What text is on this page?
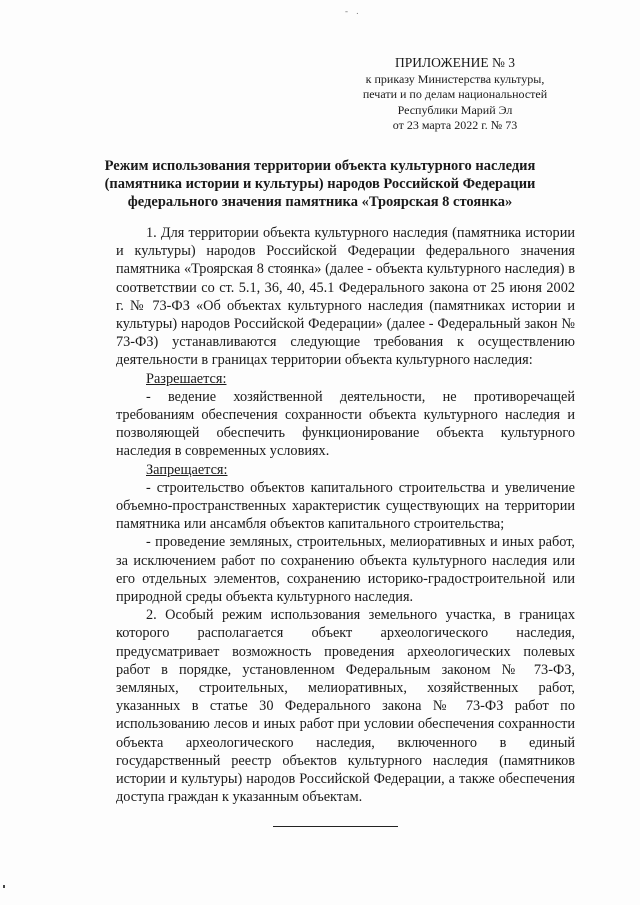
- .
ПРИЛОЖЕНИЕ № 3
к приказу Министерства культуры,
печати и по делам национальностей
Республики Марий Эл
от 23 марта 2022 г. № 73
Режим использования территории объекта культурного наследия (памятника истории и культуры) народов Российской Федерации федерального значения памятника «Троярская 8 стоянка»

1. Для территории объекта культурного наследия (памятника истории и культуры) народов Российской Федерации федерального значения памятника «Троярская 8 стоянка» (далее - объекта культурного наследия) в соответствии со ст. 5.1, 36, 40, 45.1 Федерального закона от 25 июня 2002 г. № 73-ФЗ «Об объектах культурного наследия (памятниках истории и культуры) народов Российской Федерации» (далее - Федеральный закон № 73-ФЗ) устанавливаются следующие требования к осуществлению деятельности в границах территории объекта культурного наследия:

Разрешается:

- ведение хозяйственной деятельности, не противоречащей требованиям обеспечения сохранности объекта культурного наследия и позволяющей обеспечить функционирование объекта культурного наследия в современных условиях.

Запрещается:

- строительство объектов капитального строительства и увеличение объемно-пространственных характеристик существующих на территории памятника или ансамбля объектов капитального строительства;

- проведение земляных, строительных, мелиоративных и иных работ, за исключением работ по сохранению объекта культурного наследия или его отдельных элементов, сохранению историко-градостроительной или природной среды объекта культурного наследия.

2. Особый режим использования земельного участка, в границах которого располагается объект археологического наследия, предусматривает возможность проведения археологических полевых работ в порядке, установленном Федеральным законом № 73-ФЗ, земляных, строительных, мелиоративных, хозяйственных работ, указанных в статье 30 Федерального закона № 73-ФЗ работ по использованию лесов и иных работ при условии обеспечения сохранности объекта археологического наследия, включенного в единый государственный реестр объектов культурного наследия (памятников истории и культуры) народов Российской Федерации, а также обеспечения доступа граждан к указанным объектам.
